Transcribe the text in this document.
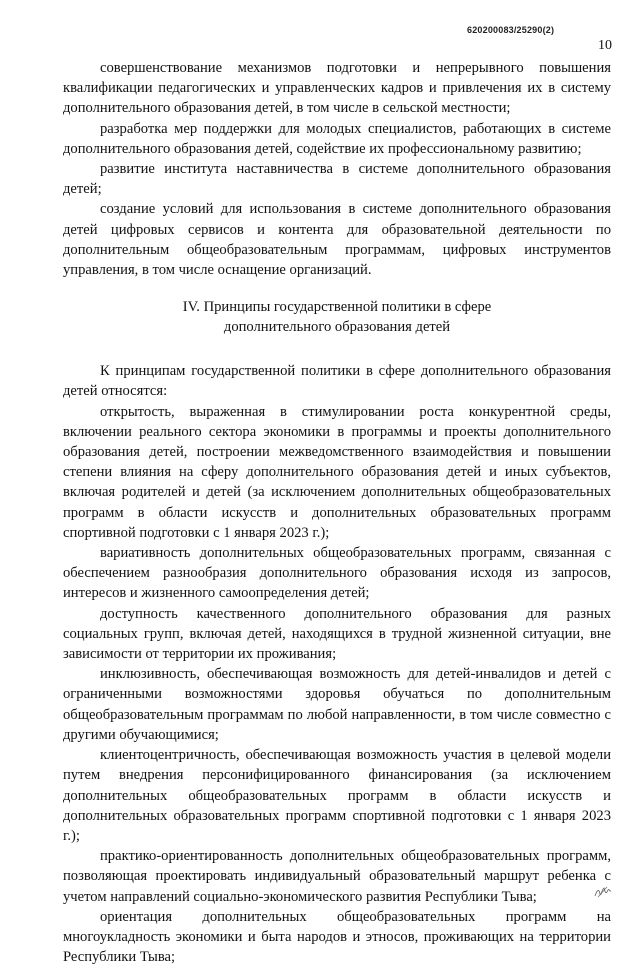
620200083/25290(2)
10

совершенствование механизмов подготовки и непрерывного повышения квалификации педагогических и управленческих кадров и привлечения их в систему дополнительного образования детей, в том числе в сельской местности;

разработка мер поддержки для молодых специалистов, работающих в системе дополнительного образования детей, содействие их профессиональному развитию;

развитие института наставничества в системе дополнительного образования детей;

создание условий для использования в системе дополнительного образования детей цифровых сервисов и контента для образовательной деятельности по дополнительным общеобразовательным программам, цифровых инструментов управления, в том числе оснащение организаций.

IV. Принципы государственной политики в сфере
дополнительного образования детей

К принципам государственной политики в сфере дополнительного образования детей относятся:

открытость, выраженная в стимулировании роста конкурентной среды, включении реального сектора экономики в программы и проекты дополнительного образования детей, построении межведомственного взаимодействия и повышении степени влияния на сферу дополнительного образования детей и иных субъектов, включая родителей и детей (за исключением дополнительных общеобразовательных программ в области искусств и дополнительных образовательных программ спортивной подготовки с 1 января 2023 г.);

вариативность дополнительных общеобразовательных программ, связанная с обеспечением разнообразия дополнительного образования исходя из запросов, интересов и жизненного самоопределения детей;

доступность качественного дополнительного образования для разных социальных групп, включая детей, находящихся в трудной жизненной ситуации, вне зависимости от территории их проживания;

инклюзивность, обеспечивающая возможность для детей-инвалидов и детей с ограниченными возможностями здоровья обучаться по дополнительным общеобразовательным программам по любой направленности, в том числе совместно с другими обучающимися;

клиентоцентричность, обеспечивающая возможность участия в целевой модели путем внедрения персонифицированного финансирования (за исключением дополнительных общеобразовательных программ в области искусств и дополнительных образовательных программ спортивной подготовки с 1 января 2023 г.);

практико-ориентированность дополнительных общеобразовательных программ, позволяющая проектировать индивидуальный образовательный маршрут ребенка с учетом направлений социально-экономического развития Республики Тыва;

ориентация дополнительных общеобразовательных программ на многоукладность экономики и быта народов и этносов, проживающих на территории Республики Тыва;
